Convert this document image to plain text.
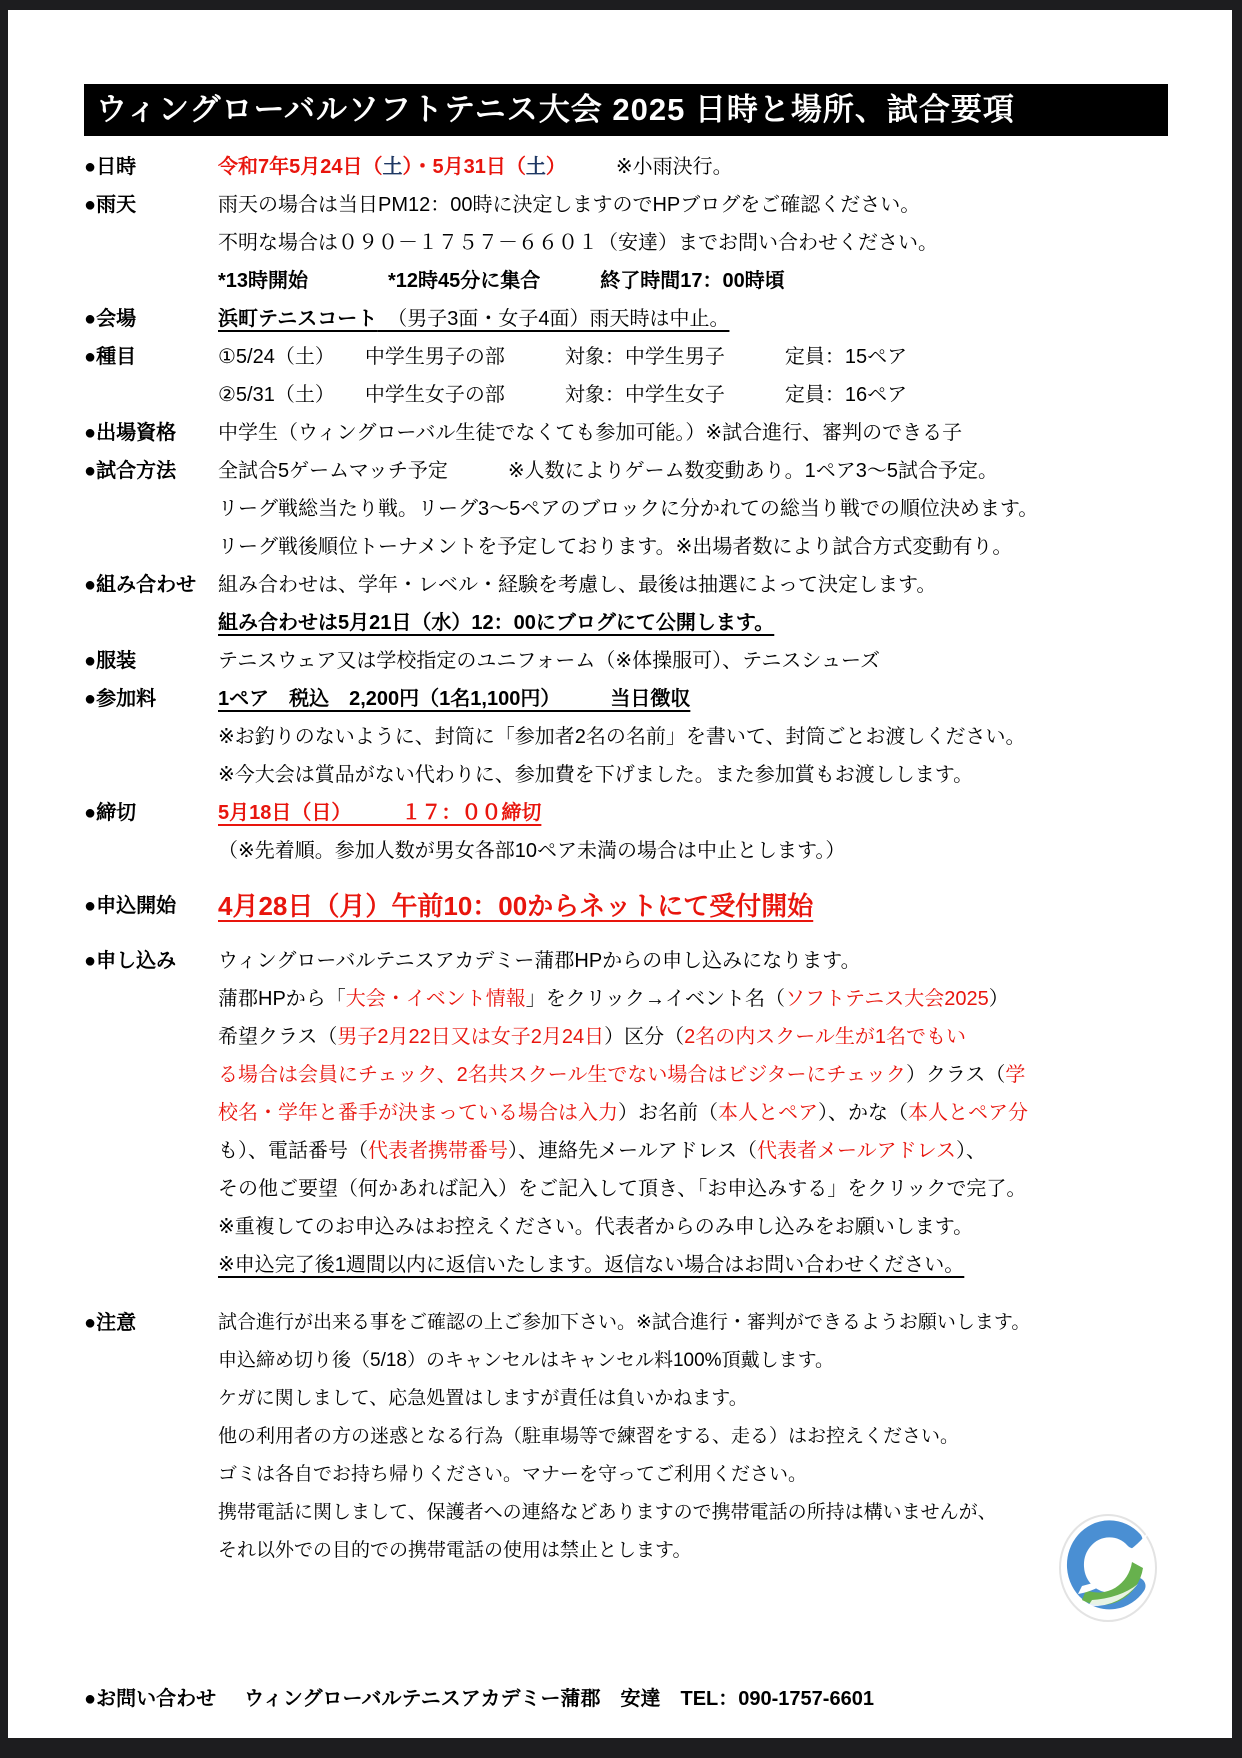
ウィングローバルソフトテニス大会 2025 日時と場所、試合要項
●日時	令和7年5月24日（土）・5月31日（土）　　　※小雨決行。
●雨天	雨天の場合は当日PM12：00時に決定しますのでHPブログをご確認ください。
不明な場合は０９０－１７５７－６６０１（安達）までお問い合わせください。
*13時開始　　　　*12時45分に集合　　　終了時間17：00時頃
●会場	浜町テニスコート　（男子3面・女子4面）雨天時は中止。
●種目	①5/24（土）　　中学生男子の部　　　対象：中学生男子　　　定員：15ペア
②5/31（土）　　中学生女子の部　　　対象：中学生女子　　　定員：16ペア
●出場資格	中学生（ウィングローバル生徒でなくても参加可能。）※試合進行、審判のできる子
●試合方法	全試合5ゲームマッチ予定　　　※人数によりゲーム数変動あり。1ペア3～5試合予定。
リーグ戦総当たり戦。リーグ3～5ペアのブロックに分かれての総当り戦での順位決めます。
リーグ戦後順位トーナメントを予定しております。※出場者数により試合方式変動有り。
●組み合わせ	組み合わせは、学年・レベル・経験を考慮し、最後は抽選によって決定します。
組み合わせは5月21日（水）12：00にブログにて公開します。
●服装	テニスウェア又は学校指定のユニフォーム（※体操服可）、テニスシューズ
●参加料	1ペア　税込　2,200円（1名1,100円）　　　当日徴収
※お釣りのないように、封筒に「参加者2名の名前」を書いて、封筒ごとお渡しください。
※今大会は賞品がない代わりに、参加費を下げました。また参加賞もお渡しします。
●締切	5月18日（日）　　　１７：００締切
（※先着順。参加人数が男女各部10ペア未満の場合は中止とします。）
●申込開始	4月28日（月）午前10：00からネットにて受付開始
●申し込み	ウィングローバルテニスアカデミー蒲郡HPからの申し込みになります。
蒲郡HPから「大会・イベント情報」をクリック→イベント名（ソフトテニス大会2025）
希望クラス（男子2月22日又は女子2月24日）区分（2名の内スクール生が1名でもい
る場合は会員にチェック、2名共スクール生でない場合はビジターにチェック）クラス（学
校名・学年と番手が決まっている場合は入力）お名前（本人とペア）、かな（本人とペア分
も）、電話番号（代表者携帯番号）、連絡先メールアドレス（代表者メールアドレス）、
その他ご要望（何かあれば記入）をご記入して頂き、「お申込みする」をクリックで完了。
※重複してのお申込みはお控えください。代表者からのみ申し込みをお願いします。
※申込完了後1週間以内に返信いたします。返信ない場合はお問い合わせください。
●注意	試合進行が出来る事をご確認の上ご参加下さい。※試合進行・審判ができるようお願いします。
申込締め切り後（5/18）のキャンセルはキャンセル料100%頂戴します。
ケガに関しまして、応急処置はしますが責任は負いかねます。
他の利用者の方の迷惑となる行為（駐車場等で練習をする、走る）はお控えください。
ゴミは各自でお持ち帰りください。マナーを守ってご利用ください。
携帯電話に関しまして、保護者への連絡などありますので携帯電話の所持は構いませんが、
それ以外での目的での携帯電話の使用は禁止とします。
●お問い合わせ ウィングローバルテニスアカデミー蒲郡　安達　TEL：090-1757-6601
